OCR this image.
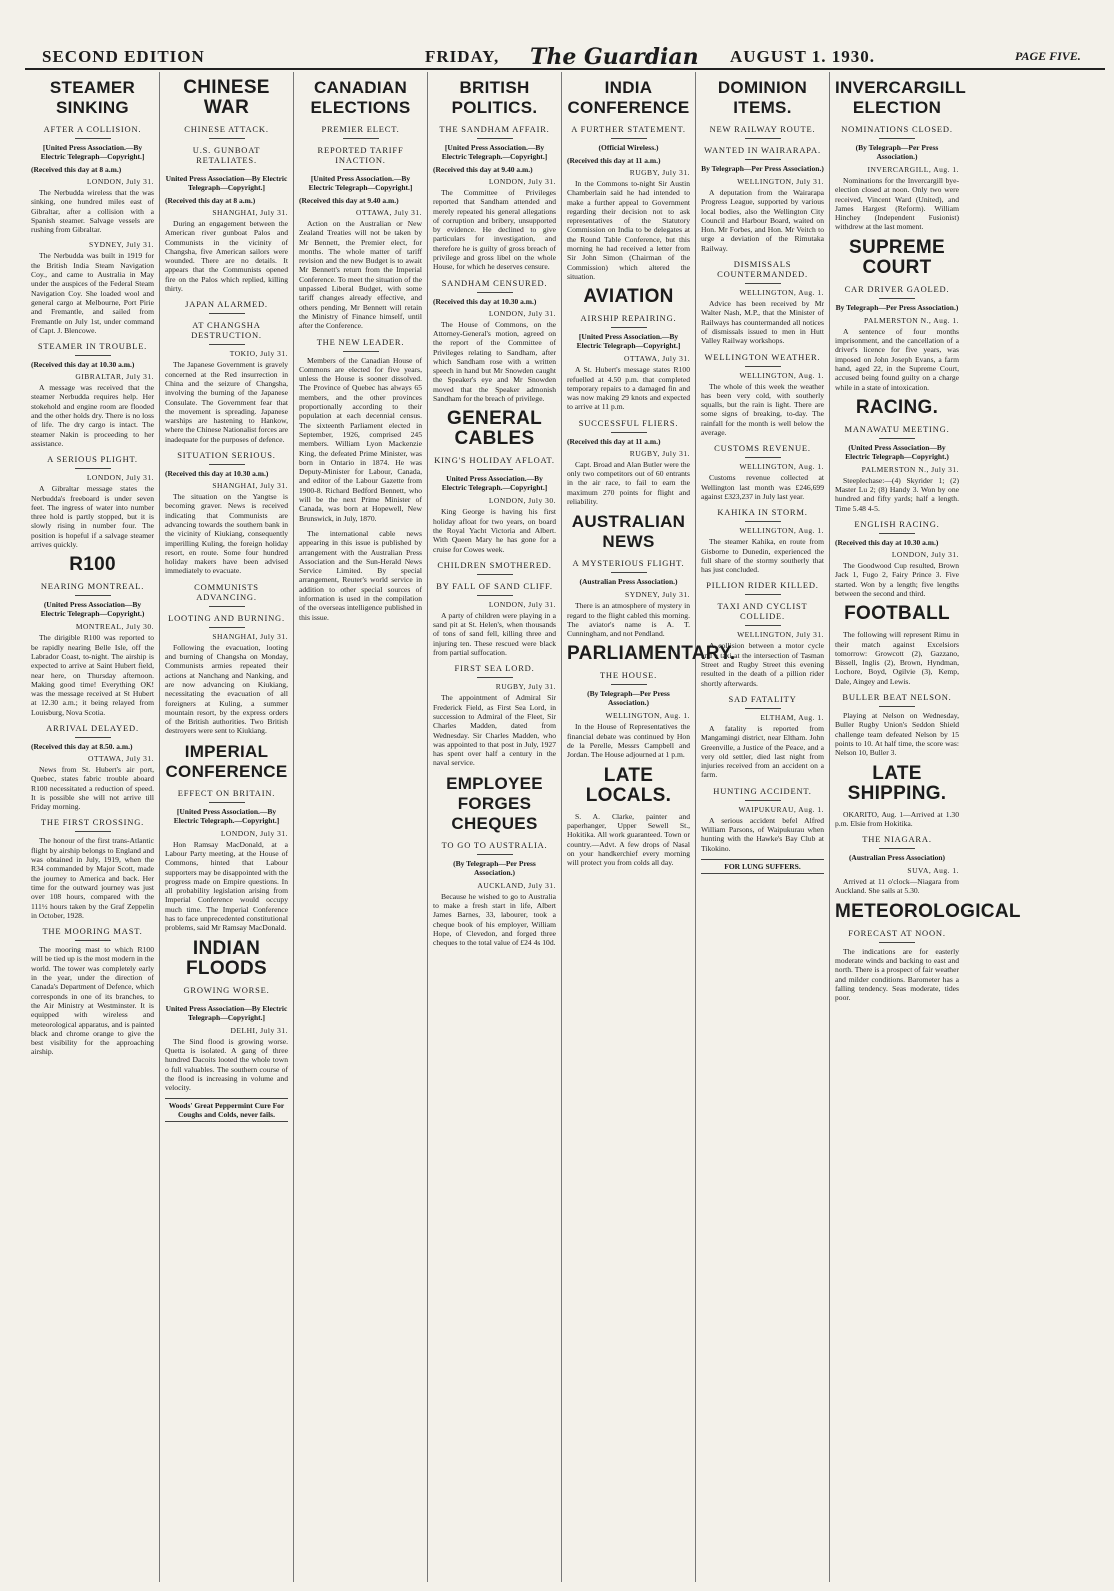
SECOND EDITION	FRIDAY, The Guardian AUGUST 1. 1930.	PAGE FIVE.
STEAMER SINKING
AFTER A COLLISION.
[United Press Association.—By Electric Telegraph—Copyright.]
(Received this day at 8 a.m.)
LONDON, July 31.

The Nerbudda wireless that the was sinking, one hundred miles east of Gibraltar, after a collision with a Spanish steamer. Salvage vessels are rushing from Gibraltar.

SYDNEY, July 31.

The Nerbudda was built in 1919 for the British India Steam Navigation Coy., and came to Australia in May under the auspices of the Federal Steam Navigation Coy. She loaded wool and general cargo at Melbourne, Port Pirie and Fremantle, and sailed from Fremantle on July 1st, under command of Capt. J. Blencowe.

STEAMER IN TROUBLE.
(Received this day at 10.30 a.m.)
GIBRALTAR, July 31.

A message was received that the steamer Nerbudda requires help. Her stokehold and engine room are flooded and the other holds dry. There is no loss of life. The dry cargo is intact. The steamer Nakin is proceeding to her assistance.

A SERIOUS PLIGHT.
LONDON, July 31.

A Gibraltar message states the Nerbudda's freeboard is under seven feet. The ingress of water into number three hold is partly stopped, but it is slowly rising in number four. The position is hopeful if a salvage steamer arrives quickly.

R100
NEARING MONTREAL.
(United Press Association—By Electric Telegraph—Copyright.)
MONTREAL, July 30.

The dirigible R100 was reported to be rapidly nearing Belle Isle, off the Labrador Coast, to-night. The airship is expected to arrive at Saint Hubert field, near here, on Thursday afternoon. Making good time! Everything OK! was the message received at St Hubert at 12.30 a.m.; it being relayed from Louisburg, Nova Scotia.

ARRIVAL DELAYED.
(Received this day at 8.50. a.m.)
OTTAWA, July 31.

News from St. Hubert's air port, Quebec, states fabric trouble aboard R100 necessitated a reduction of speed. It is possible she will not arrive till Friday morning.

THE FIRST CROSSING.

The honour of the first trans-Atlantic flight by airship belongs to England and was obtained in July, 1919, when the R34 commanded by Major Scott, made the journey to America and back. Her time for the outward journey was just over 108 hours, compared with the 111½ hours taken by the Graf Zeppelin in October, 1928.

THE MOORING MAST.

The mooring mast to which R100 will be tied up is the most modern in the world. The tower was completely early in the year, under the direction of Canada's Department of Defence, which corresponds in one of its branches, to the Air Ministry at Westminster. It is equipped with wireless and meteorological apparatus, and is painted black and chrome orange to give the best visibility for the approaching airship.

CHINESE WAR
CHINESE ATTACK.
U.S. GUNBOAT RETALIATES.
United Press Association—By Electric Telegraph—Copyright.]
(Received this day at 8 a.m.)
SHANGHAI, July 31.

During an engagement between the American river gunboat Palos and Communists in the vicinity of Changsha, five American sailors were wounded. There are no details. It appears that the Communists opened fire on the Palos which replied, killing thirty.

JAPAN ALARMED.
AT CHANGSHA DESTRUCTION.
TOKIO, July 31.

The Japanese Government is gravely concerned at the Red insurrection in China and the seizure of Changsha, involving the burning of the Japanese Consulate. The Government fear that the movement is spreading. Japanese warships are hastening to Hankow, where the Chinese Nationalist forces are inadequate for the purposes of defence.

SITUATION SERIOUS.
(Received this day at 10.30 a.m.)
SHANGHAI, July 31.

The situation on the Yangtse is becoming graver. News is received indicating that Communists are advancing towards the southern bank in the vicinity of Kiukiang, consequently imperilling Kuling, the foreign holiday resort, en route. Some four hundred holiday makers have been advised immediately to evacuate.

COMMUNISTS ADVANCING.
LOOTING AND BURNING.
SHANGHAI, July 31.

Following the evacuation, looting and burning of Changsha on Monday, Communists armies repeated their actions at Nanchang and Nanking, and are now advancing on Kiukiang, necessitating the evacuation of all foreigners at Kuling, a summer mountain resort, by the express orders of the British authorities. Two British destroyers were sent to Kiukiang.

IMPERIAL CONFERENCE
EFFECT ON BRITAIN.
[United Press Association.—By Electric Telegraph.—Copyright.]
LONDON, July 31.

Hon Ramsay MacDonald, at a Labour Party meeting, at the House of Commons, hinted that Labour supporters may be disappointed with the progress made on Empire questions. In all probability legislation arising from Imperial Conference would occupy much time. The Imperial Conference has to face unprecedented constitutional problems, said Mr Ramsay MacDonald.

INDIAN FLOODS
GROWING WORSE.
United Press Association—By Electric Telegraph—Copyright.]
DELHI, July 31.

The Sind flood is growing worse. Quetta is isolated. A gang of three hundred Dacoits looted the whole town o full valuables. The southern course of the flood is increasing in volume and velocity.

Woods' Great Peppermint Cure For Coughs and Colds, never fails.
CANADIAN ELECTIONS
PREMIER ELECT.
REPORTED TARIFF INACTION.
[United Press Association.—By Electric Telegraph—Copyright.]
(Received this day at 9.40 a.m.)
OTTAWA, July 31.

Action on the Australian or New Zealand Treaties will not be taken by Mr Bennett, the Premier elect, for months. The whole matter of tariff revision and the new Budget is to await Mr Bennett's return from the Imperial Conference. To meet the situation of the unpassed Liberal Budget, with some tariff changes already effective, and others pending, Mr Bennett will retain the Ministry of Finance himself, until after the Conference.

THE NEW LEADER.

Members of the Canadian House of Commons are elected for five years, unless the House is sooner dissolved. The Province of Quebec has always 65 members, and the other provinces proportionally according to their population at each decennial census. The sixteenth Parliament elected in September, 1926, comprised 245 members. William Lyon Mackenzie King, the defeated Prime Minister, was born in Ontario in 1874. He was Deputy-Minister for Labour, Canada, and editor of the Labour Gazette from 1900-8. Richard Bedford Bennett, who will be the next Prime Minister of Canada, was born at Hopewell, New Brunswick, in July, 1870.

The international cable news appearing in this issue is published by arrangement with the Australian Press Association and the Sun-Herald News Service Limited. By special arrangement, Reuter's world service in addition to other special sources of information is used in the compilation of the overseas intelligence published in this issue.

BRITISH POLITICS.
THE SANDHAM AFFAIR.
[United Press Association.—By Electric Telegraph.—Copyright.]
(Received this day at 9.40 a.m.)
LONDON, July 31.

The Committee of Privileges reported that Sandham attended and merely repeated his general allegations of corruption and bribery, unsupported by evidence. He declined to give particulars for investigation, and therefore he is guilty of gross breach of privilege and gross libel on the whole House, for which he deserves censure.

SANDHAM CENSURED.
(Received this day at 10.30 a.m.)
LONDON, July 31.

The House of Commons, on the Attorney-General's motion, agreed on the report of the Committee of Privileges relating to Sandham, after which Sandham rose with a written speech in hand but Mr Snowden caught the Speaker's eye and Mr Snowden moved that the Speaker admonish Sandham for the breach of privilege.

GENERAL CABLES
KING'S HOLIDAY AFLOAT.
United Press Association.—By Electric Telegraph.—Copyright.]
LONDON, July 30.

King George is having his first holiday afloat for two years, on board the Royal Yacht Victoria and Albert. With Queen Mary he has gone for a cruise for Cowes week.

CHILDREN SMOTHERED.
BY FALL OF SAND CLIFF.
LONDON, July 31.

A party of children were playing in a sand pit at St. Helen's, when thousands of tons of sand fell, killing three and injuring ten. These rescued were black from partial suffocation.

FIRST SEA LORD.
RUGBY, July 31.

The appointment of Admiral Sir Frederick Field, as First Sea Lord, in succession to Admiral of the Fleet, Sir Charles Madden, dated from Wednesday. Sir Charles Madden, who was appointed to that post in July, 1927 has spent over half a century in the naval service.

EMPLOYEE FORGES CHEQUES
TO GO TO AUSTRALIA.
(By Telegraph—Per Press Association.)
AUCKLAND, July 31.

Because he wished to go to Australia to make a fresh start in life, Albert James Barnes, 33, labourer, took a cheque book of his employer, William Hope, of Clevedon, and forged three cheques to the total value of £24 4s 10d.

INDIA CONFERENCE
A FURTHER STATEMENT.
(Official Wireless.)
(Received this day at 11 a.m.)
RUGBY, July 31.

In the Commons to-night Sir Austin Chamberlain said he had intended to make a further appeal to Government regarding their decision not to ask representatives of the Statutory Commission on India to be delegates at the Round Table Conference, but this morning he had received a letter from Sir John Simon (Chairman of the Commission) which altered the situation.

AVIATION
AIRSHIP REPAIRING.
[United Press Association.—By Electric Telegraph—Copyright.]
OTTAWA, July 31.

A St. Hubert's message states R100 refuelled at 4.50 p.m. that completed temporary repairs to a damaged fin and was now making 29 knots and expected to arrive at 11 p.m.

SUCCESSFUL FLIERS.
(Received this day at 11 a.m.)
RUGBY, July 31.

Capt. Broad and Alan Butler were the only two competitors out of 60 entrants in the air race, to fail to earn the maximum 270 points for flight and reliability.

AUSTRALIAN NEWS
A MYSTERIOUS FLIGHT.
(Australian Press Association.)
SYDNEY, July 31.

There is an atmosphere of mystery in regard to the flight cabled this morning. The aviator's name is A. T. Cunningham, and not Pendland.

PARLIAMENTARY.
THE HOUSE.
(By Telegraph—Per Press Association.)
WELLINGTON, Aug. 1.

In the House of Representatives the financial debate was continued by Hon de la Perelle, Messrs Campbell and Jordan. The House adjourned at 1 p.m.

LATE LOCALS.

S. A. Clarke, painter and paperhanger, Upper Sewell St., Hokitika. All work guaranteed. Town or country.—Advt. A few drops of Nasal on your handkerchief every morning will protect you from colds all day.

DOMINION ITEMS.
NEW RAILWAY ROUTE.
WANTED IN WAIRARAPA.
By Telegraph—Per Press Association.)
WELLINGTON, July 31.

A deputation from the Wairarapa Progress League, supported by various local bodies, also the Wellington City Council and Harbour Board, waited on Hon. Mr Forbes, and Hon. Mr Veitch to urge a deviation of the Rimutaka Railway.

DISMISSALS COUNTERMANDED.
WELLINGTON, Aug. 1.

Advice has been received by Mr Walter Nash, M.P., that the Minister of Railways has countermanded all notices of dismissals issued to men in Hutt Valley Railway workshops.

WELLINGTON WEATHER.
WELLINGTON, Aug. 1.

The whole of this week the weather has been very cold, with southerly squalls, but the rain is light. There are some signs of breaking, to-day. The rainfall for the month is well below the average.

CUSTOMS REVENUE.
WELLINGTON, Aug. 1.

Customs revenue collected at Wellington last month was £246,699 against £323,237 in July last year.

KAHIKA IN STORM.
WELLINGTON, Aug. 1.

The steamer Kahika, en route from Gisborne to Dunedin, experienced the full share of the stormy southerly that has just concluded.

PILLION RIDER KILLED.
TAXI AND CYCLIST COLLIDE.
WELLINGTON, July 31.

A collision between a motor cycle and a taxi at the intersection of Tasman Street and Rugby Street this evening resulted in the death of a pillion rider shortly afterwards.

SAD FATALITY
ELTHAM, Aug. 1.

A fatality is reported from Mangamingi district, near Eltham. John Greenville, a Justice of the Peace, and a very old settler, died last night from injuries received from an accident on a farm.

HUNTING ACCIDENT.
WAIPUKURAU, Aug. 1.

A serious accident befel Alfred William Parsons, of Waipukurau when hunting with the Hawke's Bay Club at Tikokino.

FOR LUNG SUFFERS.
INVERCARGILL ELECTION
NOMINATIONS CLOSED.
(By Telegraph—Per Press Association.)
INVERCARGILL, Aug. 1.

Nominations for the Invercargill bye-election closed at noon. Only two were received, Vincent Ward (United), and James Hargest (Reform). William Hinchey (Independent Fusionist) withdrew at the last moment.

SUPREME COURT
CAR DRIVER GAOLED.
By Telegraph—Per Press Association.)
PALMERSTON N., Aug. 1.

A sentence of four months imprisonment, and the cancellation of a driver's licence for five years, was imposed on John Joseph Evans, a farm hand, aged 22, in the Supreme Court, accused being found guilty on a charge while in a state of intoxication.

RACING.
MANAWATU MEETING.
(United Press Association—By Electric Telegraph—Copyright.)
PALMERSTON N., July 31.

Steeplechase:—(4) Skyrider 1; (2) Master Lu 2; (8) Handy 3. Won by one hundred and fifty yards; half a length. Time 5.48 4-5.

ENGLISH RACING.
(Received this day at 10.30 a.m.)
LONDON, July 31.

The Goodwood Cup resulted, Brown Jack 1, Fugo 2, Fairy Prince 3. Five started. Won by a length; five lengths between the second and third.

FOOTBALL

The following will represent Rimu in their match against Excelsiors tomorrow: Growcott (2), Gazzano, Bissell, Inglis (2), Brown, Hyndman, Lochore, Boyd, Ogilvie (3), Kemp, Dale, Aingey and Lewis.

BULLER BEAT NELSON.

Playing at Nelson on Wednesday, Buller Rugby Union's Seddon Shield challenge team defeated Nelson by 15 points to 10. At half time, the score was: Nelson 10, Buller 3.

LATE SHIPPING.

OKARITO, Aug. 1—Arrived at 1.30 p.m. Elsie from Hokitika.

THE NIAGARA.
(Australian Press Association)
SUVA, Aug. 1.

Arrived at 11 o'clock—Niagara from Auckland. She sails at 5.30.

METEOROLOGICAL
FORECAST AT NOON.

The indications are for easterly moderate winds and backing to east and north. There is a prospect of fair weather and milder conditions. Barometer has a falling tendency. Seas moderate, tides poor.
